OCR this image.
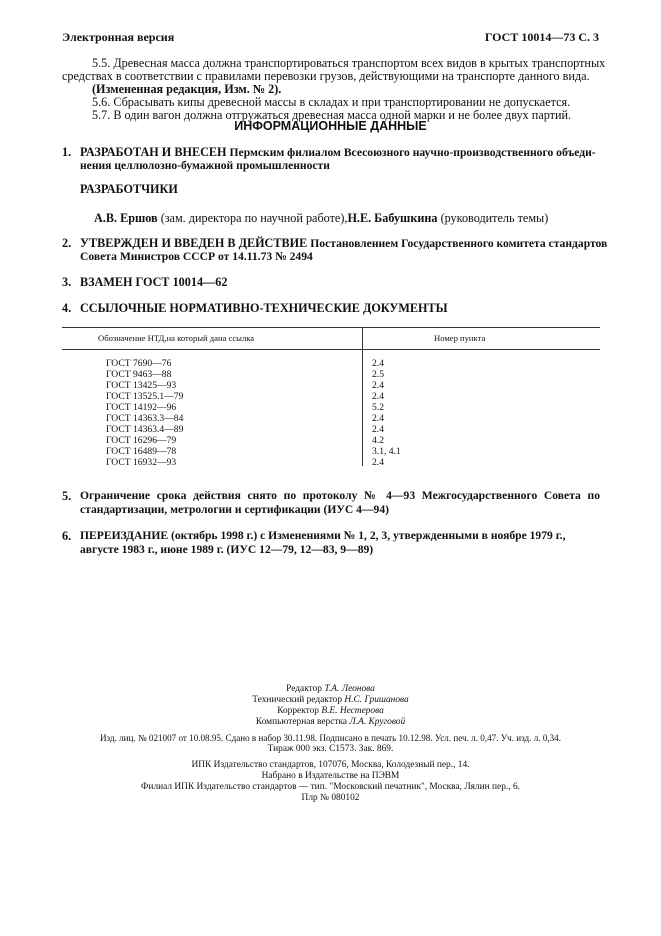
Электронная версия	ГОСТ 10014—73 С. 3
5.5. Древесная масса должна транспортироваться транспортом всех видов в крытых транспортных
средствах в соответствии с правилами перевозки грузов, действующими на транспорте данного вида.
(Измененная редакция, Изм. № 2).
5.6. Сбрасывать кипы древесной массы в складах и при транспортировании не допускается.
5.7. В один вагон должна отгружаться древесная масса одной марки и не более двух партий.
ИНФОРМАЦИОННЫЕ ДАННЫЕ
1. РАЗРАБОТАН И ВНЕСЕН Пермским филиалом Всесоюзного научно-производственного объеди-
нения целлюлозно-бумажной промышленности
РАЗРАБОТЧИКИ
А.В. Ершов (зам. директора по научной работе),Н.Е. Бабушкина (руководитель темы)
2. УТВЕРЖДЕН И ВВЕДЕН В ДЕЙСТВИЕ Постановлением Государственного комитета стандартов
Совета Министров СССР от 14.11.73 № 2494
3. ВЗАМЕН ГОСТ 10014—62
4. ССЫЛОЧНЫЕ НОРМАТИВНО-ТЕХНИЧЕСКИЕ ДОКУМЕНТЫ
Обозначение НТД,на который дана ссылка	Номер пункта
ГОСТ 7690—76	2.4
ГОСТ 9463—88	2.5
ГОСТ 13425—93	2.4
ГОСТ 13525.1—79	2.4
ГОСТ 14192—96	5.2
ГОСТ 14363.3—84	2.4
ГОСТ 14363.4—89	2.4
ГОСТ 16296—79	4.2
ГОСТ 16489—78	3.1, 4.1
ГОСТ 16932—93	2.4
5. Ограничение срока действия снято по протоколу № 4—93 Межгосударственного Совета по
стандартизации, метрологии и сертификации (ИУС 4—94)
6. ПЕРЕИЗДАНИЕ (октябрь 1998 г.) с Изменениями № 1, 2, 3, утвержденными в ноябре 1979 г.,
августе 1983 г., июне 1989 г. (ИУС 12—79, 12—83, 9—89)
Редактор Т.А. Леонова
Технический редактор Н.С. Гришанова
Корректор В.Е. Нестерова
Компьютерная верстка Л.А. Круговой
Изд. лиц. № 021007 от 10.08.95. Сдано в набор 30.11.98. Подписано в печать 10.12.98. Усл. печ. л. 0,47. Уч. изд. л. 0,34.
Тираж 000 экз. С1573. Зак. 869.
ИПК Издательство стандартов, 107076, Москва, Колодезный пер., 14.
Набрано в Издательстве на ПЭВМ
Филиал ИПК Издательство стандартов — тип. "Московский печатник", Москва, Лялин пер., 6.
Плр № 080102
